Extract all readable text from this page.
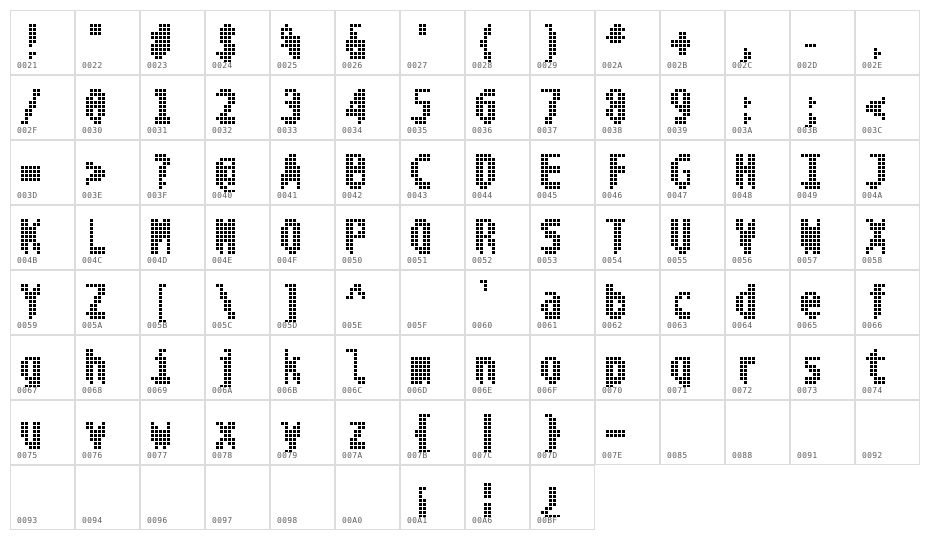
0021	0022	0023	0024	0025	0026	0027	0028	0029	002A	002B	002C	002D	002E
002F	0030	0031	0032	0033	0034	0035	0036	0037	0038	0039	003A	003B	003C
003D	003E	003F	0040	0041	0042	0043	0044	0045	0046	0047	0048	0049	004A
004B	004C	004D	004E	004F	0050	0051	0052	0053	0054	0055	0056	0057	0058
0059	005A	005B	005C	005D	005E	005F	0060	0061	0062	0063	0064	0065	0066
0067	0068	0069	006A	006B	006C	006D	006E	006F	0070	0071	0072	0073	0074
0075	0076	0077	0078	0079	007A	007B	007C	007D	007E	0085	0088	0091	0092
0093	0094	0096	0097	0098	00A0	00A1	00A6	00BF
